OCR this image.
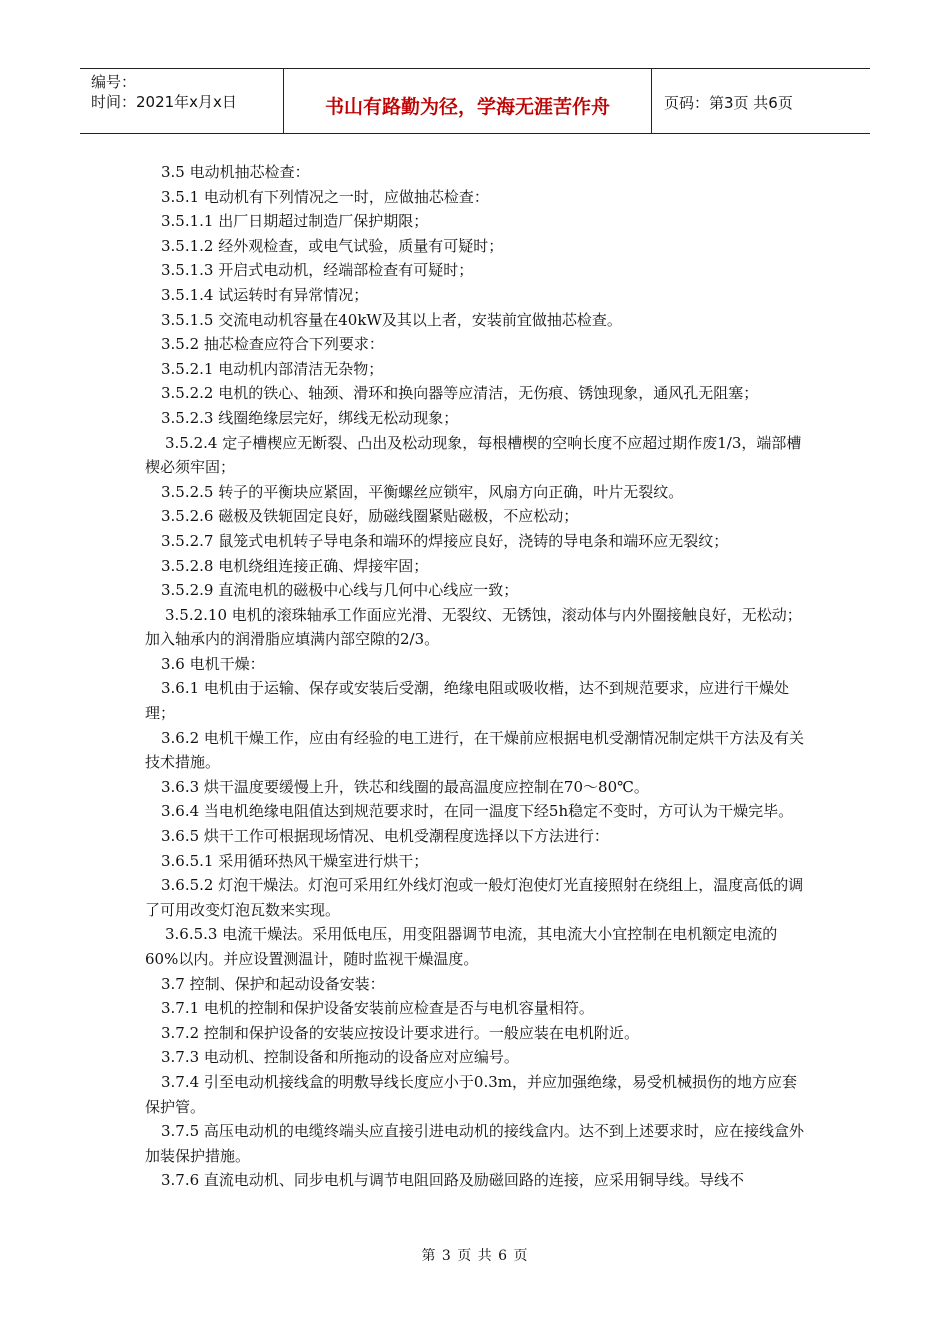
编号：
时间：2021年x月x日	书山有路勤为径，学海无涯苦作舟	页码：第3页 共6页

3.5 电动机抽芯检查：

3.5.1 电动机有下列情况之一时，应做抽芯检查：

3.5.1.1 出厂日期超过制造厂保护期限；

3.5.1.2 经外观检查，或电气试验，质量有可疑时；

3.5.1.3 开启式电动机，经端部检查有可疑时；

3.5.1.4 试运转时有异常情况；

3.5.1.5 交流电动机容量在40kW及其以上者，安装前宜做抽芯检查。

3.5.2 抽芯检查应符合下列要求：

3.5.2.1 电动机内部清洁无杂物；

3.5.2.2 电机的铁心、轴颈、滑环和换向器等应清洁，无伤痕、锈蚀现象，通风孔无阻塞；

3.5.2.3 线圈绝缘层完好，绑线无松动现象；

3.5.2.4 定子槽楔应无断裂、凸出及松动现象，每根槽楔的空响长度不应超过期作废1/3，端部槽楔必须牢固；

3.5.2.5 转子的平衡块应紧固，平衡螺丝应锁牢，风扇方向正确，叶片无裂纹。

3.5.2.6 磁极及铁轭固定良好，励磁线圈紧贴磁极，不应松动；

3.5.2.7 鼠笼式电机转子导电条和端环的焊接应良好，浇铸的导电条和端环应无裂纹；

3.5.2.8 电机绕组连接正确、焊接牢固；

3.5.2.9 直流电机的磁极中心线与几何中心线应一致；

3.5.2.10 电机的滚珠轴承工作面应光滑、无裂纹、无锈蚀，滚动体与内外圈接触良好，无松动；加入轴承内的润滑脂应填满内部空隙的2/3。

3.6 电机干燥：

3.6.1 电机由于运输、保存或安装后受潮，绝缘电阻或吸收楷，达不到规范要求，应进行干燥处理；

3.6.2 电机干燥工作，应由有经验的电工进行，在干燥前应根据电机受潮情况制定烘干方法及有关技术措施。

3.6.3 烘干温度要缓慢上升，铁芯和线圈的最高温度应控制在70～80℃。

3.6.4 当电机绝缘电阻值达到规范要求时，在同一温度下经5h稳定不变时，方可认为干燥完毕。

3.6.5 烘干工作可根据现场情况、电机受潮程度选择以下方法进行：

3.6.5.1 采用循环热风干燥室进行烘干；

3.6.5.2 灯泡干燥法。灯泡可采用红外线灯泡或一般灯泡使灯光直接照射在绕组上，温度高低的调了可用改变灯泡瓦数来实现。

3.6.5.3 电流干燥法。采用低电压，用变阻器调节电流，其电流大小宜控制在电机额定电流的60%以内。并应设置测温计，随时监视干燥温度。

3.7 控制、保护和起动设备安装：

3.7.1 电机的控制和保护设备安装前应检查是否与电机容量相符。

3.7.2 控制和保护设备的安装应按设计要求进行。一般应装在电机附近。

3.7.3 电动机、控制设备和所拖动的设备应对应编号。

3.7.4 引至电动机接线盒的明敷导线长度应小于0.3m，并应加强绝缘，易受机械损伤的地方应套保护管。

3.7.5 高压电动机的电缆终端头应直接引进电动机的接线盒内。达不到上述要求时，应在接线盒外加装保护措施。

3.7.6 直流电动机、同步电机与调节电阻回路及励磁回路的连接，应采用铜导线。导线不

第 3 页 共 6 页
